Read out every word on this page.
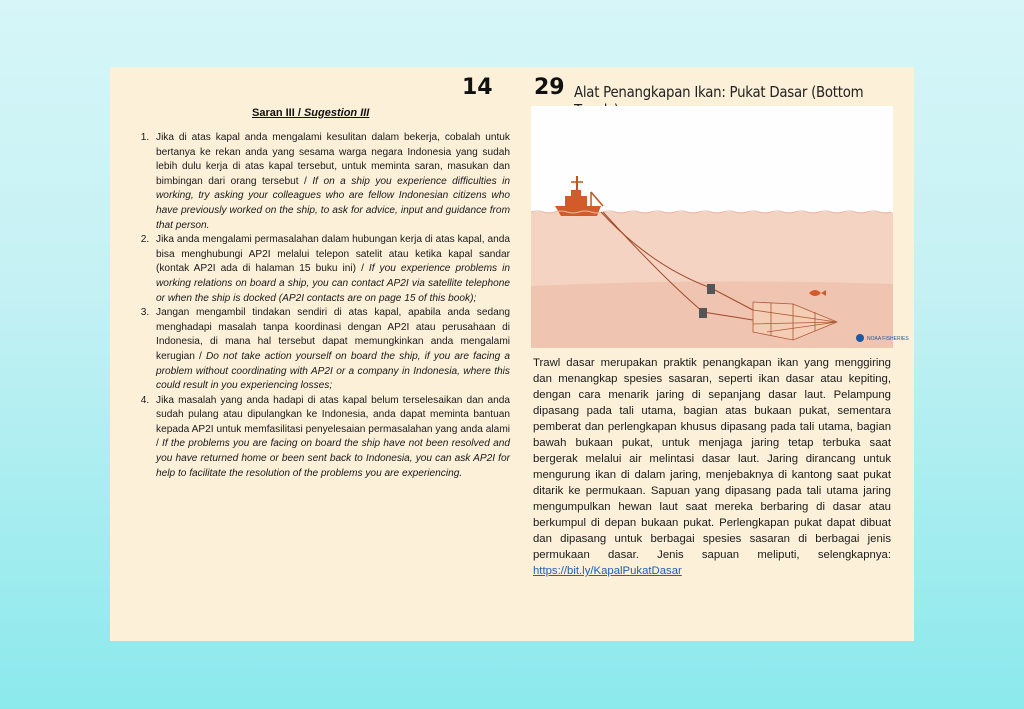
14
Saran III / Sugestion III
1. Jika di atas kapal anda mengalami kesulitan dalam bekerja, cobalah untuk bertanya ke rekan anda yang sesama warga negara Indonesia yang sudah lebih dulu kerja di atas kapal tersebut, untuk meminta saran, masukan dan bimbingan dari orang tersebut / If on a ship you experience difficulties in working, try asking your colleagues who are fellow Indonesian citizens who have previously worked on the ship, to ask for advice, input and guidance from that person.
2. Jika anda mengalami permasalahan dalam hubungan kerja di atas kapal, anda bisa menghubungi AP2I melalui telepon satelit atau ketika kapal sandar (kontak AP2I ada di halaman 15 buku ini) / If you experience problems in working relations on board a ship, you can contact AP2I via satellite telephone or when the ship is docked (AP2I contacts are on page 15 of this book);
3. Jangan mengambil tindakan sendiri di atas kapal, apabila anda sedang menghadapi masalah tanpa koordinasi dengan AP2I atau perusahaan di Indonesia, di mana hal tersebut dapat memungkinkan anda mengalami kerugian / Do not take action yourself on board the ship, if you are facing a problem without coordinating with AP2I or a company in Indonesia, where this could result in you experiencing losses;
4. Jika masalah yang anda hadapi di atas kapal belum terselesaikan dan anda sudah pulang atau dipulangkan ke Indonesia, anda dapat meminta bantuan kepada AP2I untuk memfasilitasi penyelesaian permasalahan yang anda alami / If the problems you are facing on board the ship have not been resolved and you have returned home or been sent back to Indonesia, you can ask AP2I for help to facilitate the resolution of the problems you are experiencing.
29 Alat Penangkapan Ikan: Pukat Dasar (Bottom
NOAA FISHERIES

Trawl dasar merupakan praktik penangkapan ikan yang menggiring dan menangkap spesies sasaran, seperti ikan dasar atau kepiting, dengan cara menarik jaring di sepanjang dasar laut. Pelampung dipasang pada tali utama, bagian atas bukaan pukat, sementara pemberat dan perlengkapan khusus dipasang pada tali utama, bagian bawah bukaan pukat, untuk menjaga jaring tetap terbuka saat bergerak melalui air melintasi dasar laut. Jaring dirancang untuk mengurung ikan di dalam jaring, menjebaknya di kantong saat pukat ditarik ke permukaan. Sapuan yang dipasang pada tali utama jaring mengumpulkan hewan laut saat mereka berbaring di dasar atau berkumpul di depan bukaan pukat. Perlengkapan pukat dapat dibuat dan dipasang untuk berbagai spesies sasaran di berbagai jenis permukaan dasar. Jenis sapuan meliputi, selengkapnya: https://bit.ly/KapalPukatDasar
